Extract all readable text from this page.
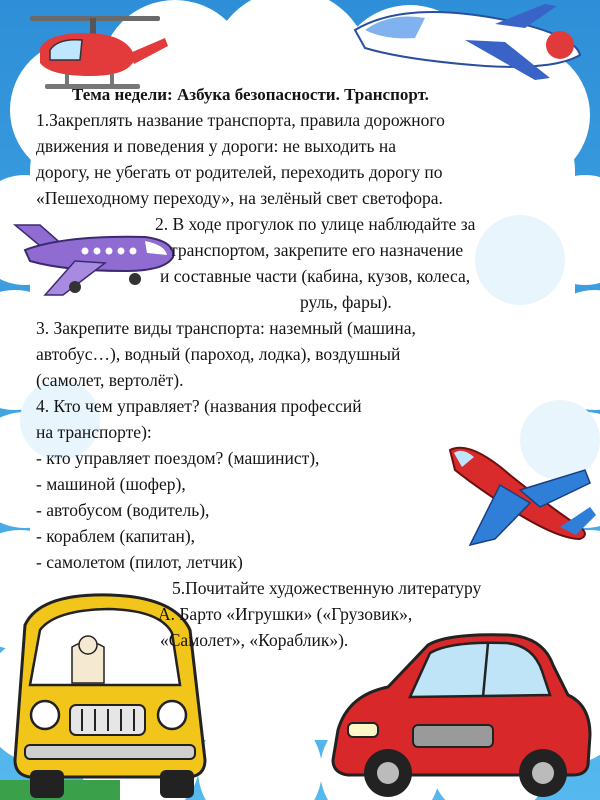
Тема недели: Азбука безопасности. Транспорт.
1.Закреплять название транспорта, правила дорожного
движения и поведения у дороги: не выходить на
дорогу, не убегать от родителей, переходить дорогу по
«Пешеходному переходу», на зелёный свет светофора.
2. В ходе прогулок по улице наблюдайте за
транспортом, закрепите его назначение
и составные части (кабина, кузов, колеса,
руль, фары).
3. Закрепите виды транспорта: наземный (машина,
автобус…), водный (пароход, лодка), воздушный
(самолет, вертолёт).
4. Кто чем управляет? (названия профессий
на транспорте):
- кто управляет поездом? (машинист),
- машиной (шофер),
- автобусом (водитель),
- кораблем (капитан),
- самолетом (пилот, летчик)
5.Почитайте художественную литературу
А. Барто «Игрушки» («Грузовик»,
«Самолет», «Кораблик»).
